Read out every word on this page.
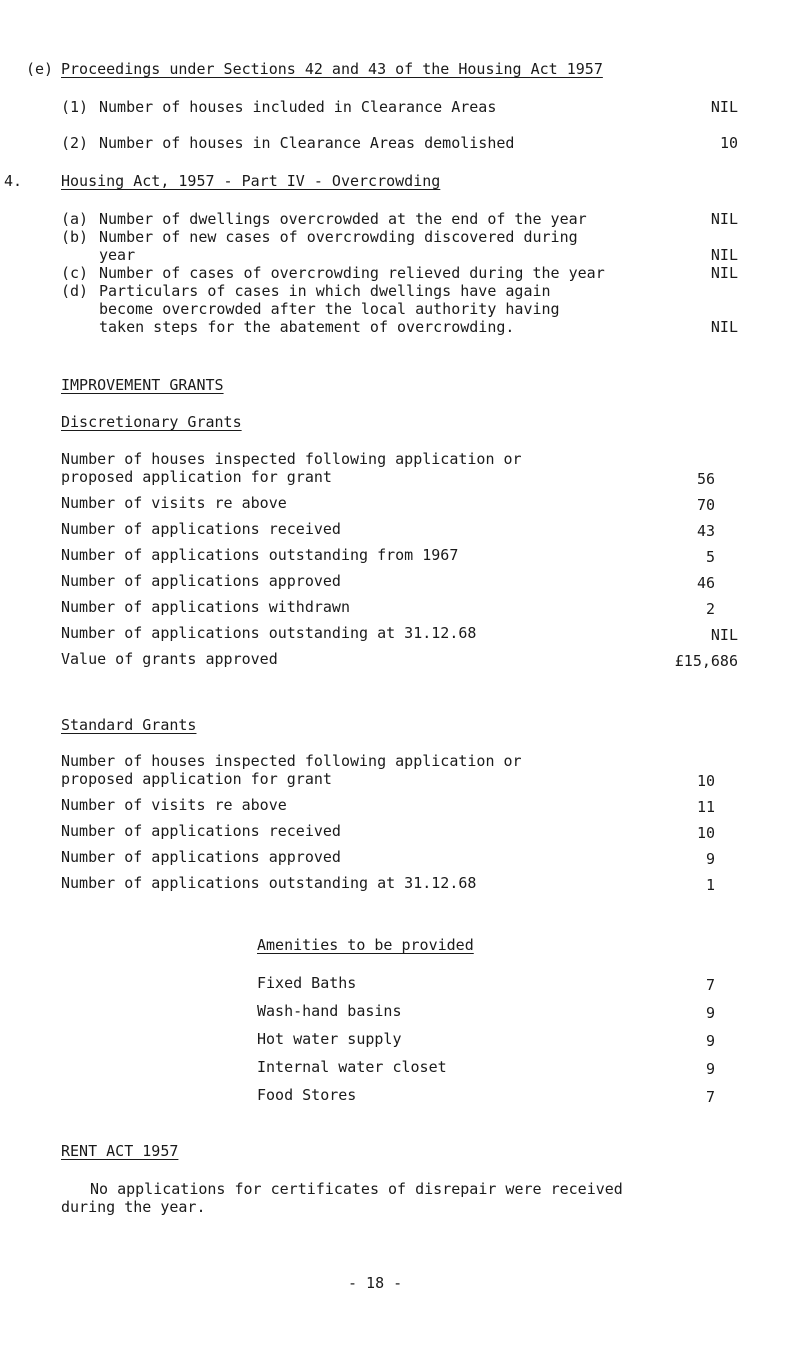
(e) Proceedings under Sections 42 and 43 of the Housing Act 1957
(1) Number of houses included in Clearance Areas	NIL
(2) Number of houses in Clearance Areas demolished	10
4.	Housing Act, 1957 - Part IV - Overcrowding
(a) Number of dwellings overcrowded at the end of the year	NIL
(b) Number of new cases of overcrowding discovered during
year	NIL
(c) Number of cases of overcrowding relieved during the year	NIL
(d) Particulars of cases in which dwellings have again
become overcrowded after the local authority having
taken steps for the abatement of overcrowding.	NIL
IMPROVEMENT GRANTS
Discretionary Grants
Number of houses inspected following application or
proposed application for grant	56
Number of visits re above	70
Number of applications received	43
Number of applications outstanding from 1967	5
Number of applications approved	46
Number of applications withdrawn	2
Number of applications outstanding at 31.12.68	NIL
Value of grants approved	£15,686
Standard Grants
Number of houses inspected following application or
proposed application for grant	10
Number of visits re above	11
Number of applications received	10
Number of applications approved	9
Number of applications outstanding at 31.12.68	1
Amenities to be provided
Fixed Baths	7
Wash-hand basins	9
Hot water supply	9
Internal water closet	9
Food Stores	7
RENT ACT 1957
No applications for certificates of disrepair were received
during the year.
- 18 -
